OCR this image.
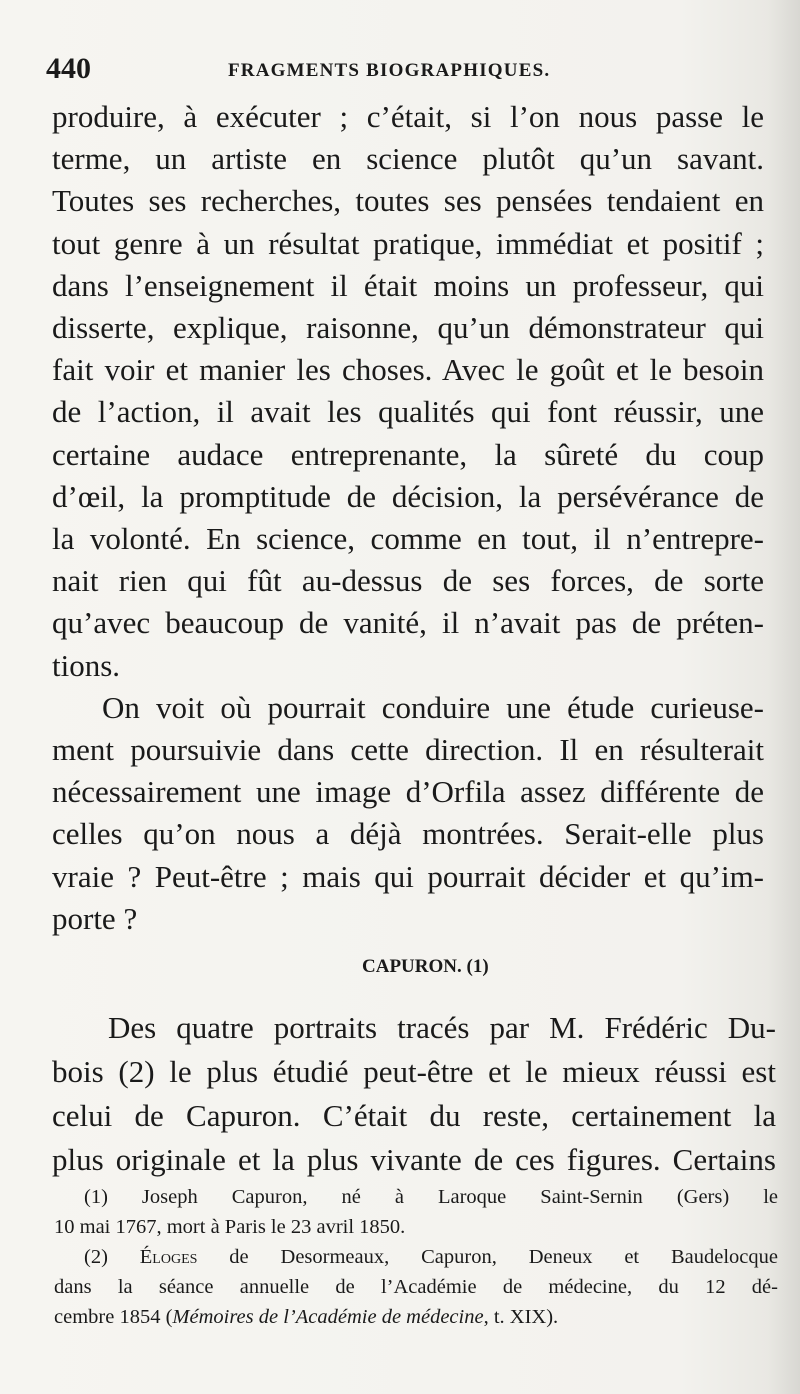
440	FRAGMENTS BIOGRAPHIQUES.
produire, à exécuter ; c’était, si l’on nous passe le
terme, un artiste en science plutôt qu’un savant.
Toutes ses recherches, toutes ses pensées tendaient en
tout genre à un résultat pratique, immédiat et positif ;
dans l’enseignement il était moins un professeur, qui
disserte, explique, raisonne, qu’un démonstrateur qui
fait voir et manier les choses. Avec le goût et le besoin
de l’action, il avait les qualités qui font réussir, une
certaine audace entreprenante, la sûreté du coup
d’œil, la promptitude de décision, la persévérance de
la volonté. En science, comme en tout, il n’entrepre-
nait rien qui fût au-dessus de ses forces, de sorte
qu’avec beaucoup de vanité, il n’avait pas de préten-
tions.
On voit où pourrait conduire une étude curieuse-
ment poursuivie dans cette direction. Il en résulterait
nécessairement une image d’Orfila assez différente de
celles qu’on nous a déjà montrées. Serait-elle plus
vraie ? Peut-être ; mais qui pourrait décider et qu’im-
porte ?
CAPURON. (1)
Des quatre portraits tracés par M. Frédéric Du-
bois (2) le plus étudié peut-être et le mieux réussi est
celui de Capuron. C’était du reste, certainement la
plus originale et la plus vivante de ces figures. Certains
(1) Joseph Capuron, né à Laroque Saint-Sernin (Gers) le
10 mai 1767, mort à Paris le 23 avril 1850.
(2) Éloges de Desormeaux, Capuron, Deneux et Baudelocque
dans la séance annuelle de l’Académie de médecine, du 12 dé-
cembre 1854 (Mémoires de l’Académie de médecine, t. XIX).
